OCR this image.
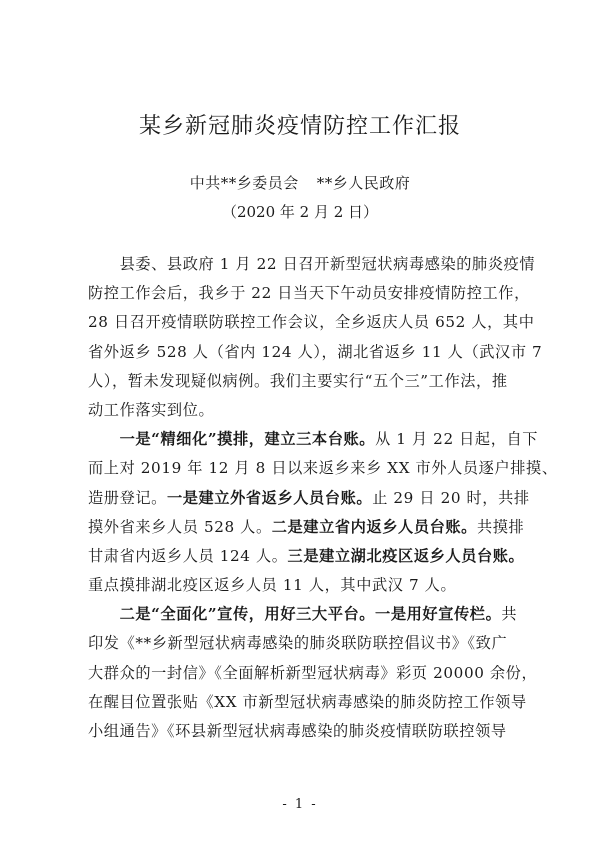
某乡新冠肺炎疫情防控工作汇报
中共**乡委员会 **乡人民政府
（2020 年 2 月 2 日）
　　县委、县政府 1 月 22 日召开新型冠状病毒感染的肺炎疫情
防控工作会后，我乡于 22 日当天下午动员安排疫情防控工作，
28 日召开疫情联防联控工作会议，全乡返庆人员 652 人，其中
省外返乡 528 人（省内 124 人），湖北省返乡 11 人（武汉市 7
人），暂未发现疑似病例。我们主要实行“五个三”工作法，推
动工作落实到位。
　　一是“精细化”摸排，建立三本台账。从 1 月 22 日起，自下
而上对 2019 年 12 月 8 日以来返乡来乡 XX 市外人员逐户排摸、
造册登记。一是建立外省返乡人员台账。止 29 日 20 时，共排
摸外省来乡人员 528 人。二是建立省内返乡人员台账。共摸排
甘肃省内返乡人员 124 人。三是建立湖北疫区返乡人员台账。
重点摸排湖北疫区返乡人员 11 人，其中武汉 7 人。
　　二是“全面化”宣传，用好三大平台。一是用好宣传栏。共
印发《**乡新型冠状病毒感染的肺炎联防联控倡议书》《致广
大群众的一封信》《全面解析新型冠状病毒》彩页 20000 余份，
在醒目位置张贴《XX 市新型冠状病毒感染的肺炎防控工作领导
小组通告》《环县新型冠状病毒感染的肺炎疫情联防联控领导
- 1 -
